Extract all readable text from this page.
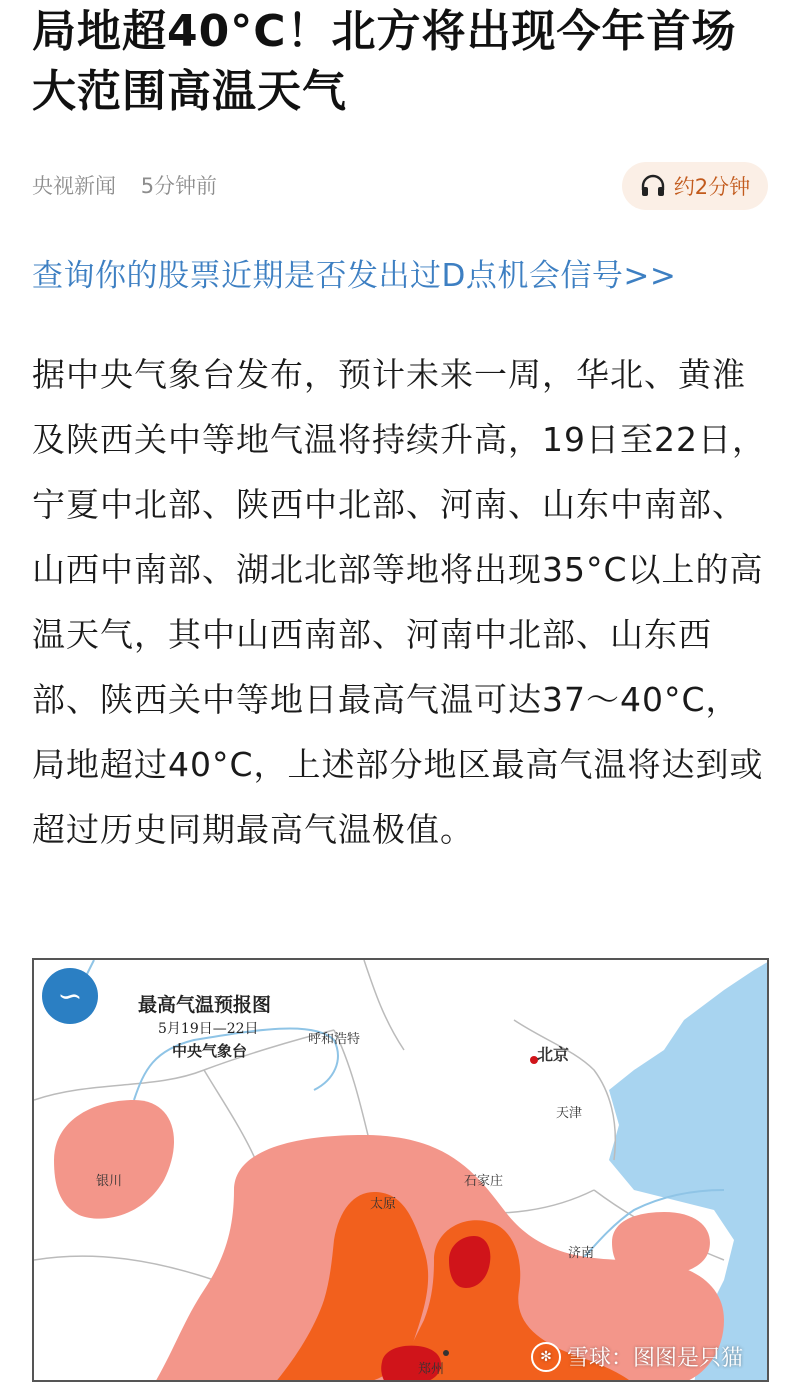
局地超40°C！北方将出现今年首场大范围高温天气
央视新闻 5分钟前	约2分钟
查询你的股票近期是否发出过D点机会信号>>

据中央气象台发布，预计未来一周，华北、黄淮及陕西关中等地气温将持续升高，19日至22日，宁夏中北部、陕西中北部、河南、山东中南部、山西中南部、湖北北部等地将出现35°C以上的高温天气，其中山西南部、河南中北部、山东西部、陕西关中等地日最高气温可达37～40°C，局地超过40°C，上述部分地区最高气温将达到或超过历史同期最高气温极值。

∽	最高气温预报图
5月19日—22日
中央气象台
呼和浩特
北京
天津
银川	石家庄
太原
济南
郑州
✻ 雪球：图图是只猫
